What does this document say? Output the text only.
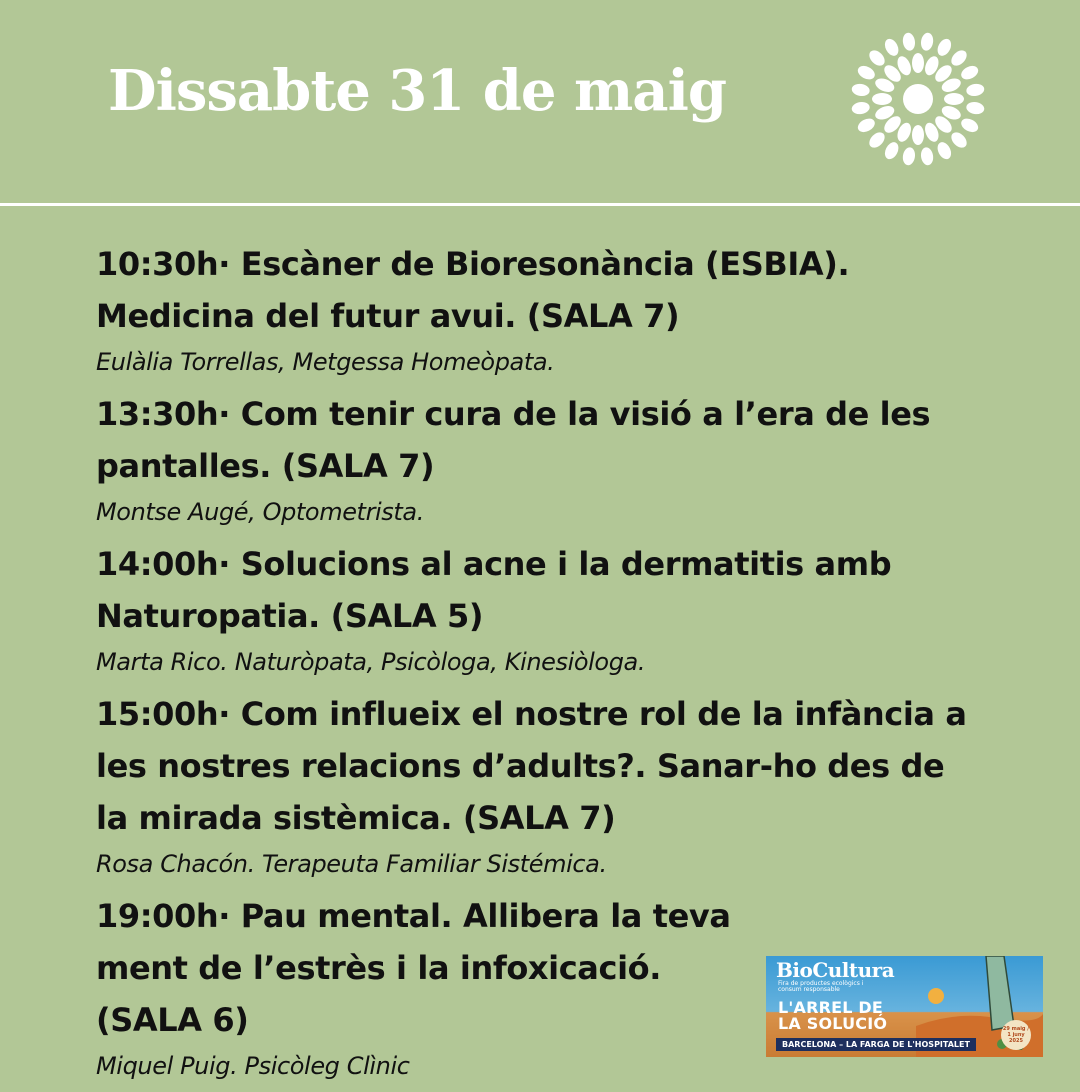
Dissabte 31 de maig
10:30h· Escàner de Bioresonància (ESBIA). Medicina del futur avui. (SALA 7)
Eulàlia Torrellas, Metgessa Homeòpata.
13:30h· Com tenir cura de la visió a l’era de les pantalles. (SALA 7)
Montse Augé, Optometrista.
14:00h· Solucions al acne i la dermatitis amb Naturopatia. (SALA 5)
Marta Rico. Naturòpata, Psicòloga, Kinesiòloga.
15:00h· Com influeix el nostre rol de la infància a les nostres relacions d’adults?. Sanar-ho des de la mirada sistèmica. (SALA 7)
Rosa Chacón. Terapeuta Familiar Sistémica.
19:00h· Pau mental. Allibera la teva ment de l’estrès i la infoxicació. (SALA 6)
Miquel Puig. Psicòleg Clìnic
BioCultura
Fira de productes ecològics i consum responsable
L'ARREL DE
LA SOLUCIÓ
BARCELONA – LA FARGA DE L'HOSPITALET
29 maig / 1 juny 2025
